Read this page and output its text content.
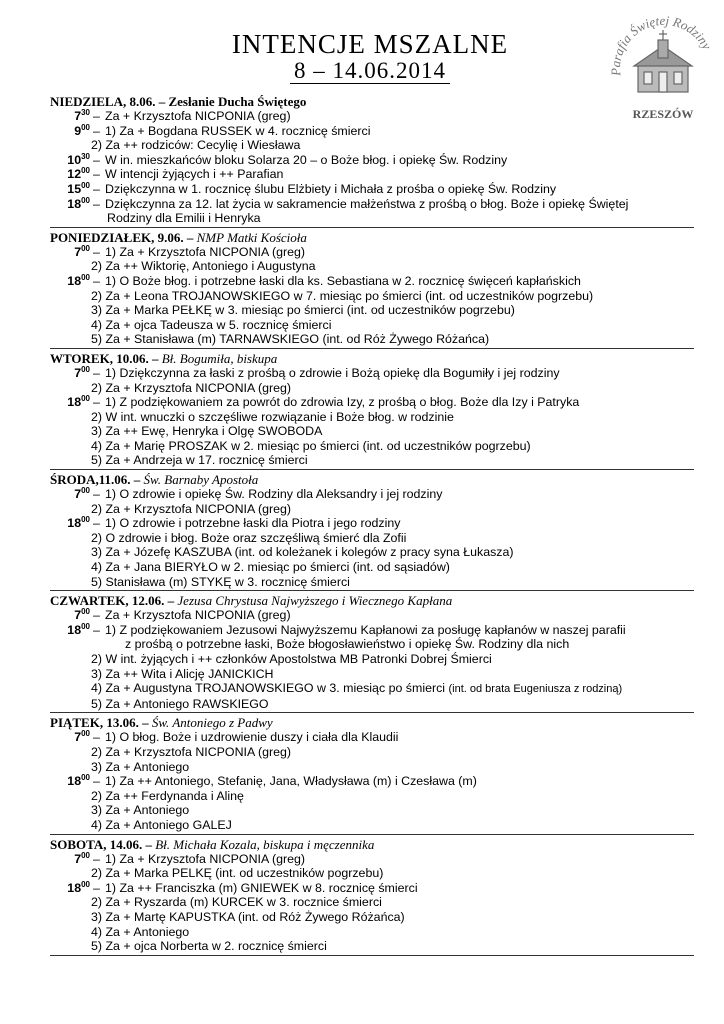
INTENCJE MSZALNE
8 – 14.06.2014	Parafia Świętej Rodziny
RZESZÓW
NIEDZIELA, 8.06. – Zesłanie Ducha Świętego
$7^{30}$ – Za + Krzysztofa NICPONIA (greg)
$9^{00} - 1$) Za + Bogdana RUSSEK w 4. rocznicę śmierci
2) Za ++ rodziców: Cecylię i Wiesława
$10^{30}$ – W in. mieszkańców bloku Solarza 20 – o Boże błog. i opiekę Św. Rodziny
$12^{00}$ – W intencji żyjących i ++ Parafian
$15^{00}$ – Dziękczynna w 1. rocznicę ślubu Elżbiety i Michała z prośba o opiekę Św. Rodziny
$18^{00}$ – Dziękczynna za 12. lat życia w sakramencie małżeństwa z prośbą o błog. Boże i opiekę Świętej
Rodziny dla Emilii i Henryka
PONIEDZIAŁEK, 9.06. – NMP Matki Kościoła
$7^{00} - 1$) Za + Krzysztofa NICPONIA (greg)
2) Za ++ Wiktorię, Antoniego i Augustyna
$18^{00} - 1$) O Boże błog. i potrzebne łaski dla ks. Sebastiana w 2. rocznicę święceń kapłańskich
2) Za + Leona TROJANOWSKIEGO w 7. miesiąc po śmierci (int. od uczestników pogrzebu)
3) Za + Marka PEŁKĘ w 3. miesiąc po śmierci (int. od uczestników pogrzebu)
4) Za + ojca Tadeusza w 5. rocznicę śmierci
5) Za + Stanisława (m) TARNAWSKIEGO (int. od Róż Żywego Różańca)
WTOREK, 10.06. – Bł. Bogumiła, biskupa
$7^{00} - 1$) Dziękczynna za łaski z prośbą o zdrowie i Bożą opiekę dla Bogumiły i jej rodziny
2) Za + Krzysztofa NICPONIA (greg)
$18^{00} - 1$) Z podziękowaniem za powrót do zdrowia Izy, z prośbą o błog. Boże dla Izy i Patryka
2) W int. wnuczki o szczęśliwe rozwiązanie i Boże błog. w rodzinie
3) Za ++ Ewę, Henryka i Olgę SWOBODA
4) Za + Marię PROSZAK w 2. miesiąc po śmierci (int. od uczestników pogrzebu)
5) Za + Andrzeja w 17. rocznicę śmierci
ŚRODA,11.06. – Św. Barnaby Apostoła
$7^{00} - 1$) O zdrowie i opiekę Św. Rodziny dla Aleksandry i jej rodziny
2) Za + Krzysztofa NICPONIA (greg)
$18^{00} - 1$) O zdrowie i potrzebne łaski dla Piotra i jego rodziny
2) O zdrowie i błog. Boże oraz szczęśliwą śmierć dla Zofii
3) Za + Józefę KASZUBA (int. od koleżanek i kolegów z pracy syna Łukasza)
4) Za + Jana BIERYŁO w 2. miesiąc po śmierci (int. od sąsiadów)
5) Stanisława (m) STYKĘ w 3. rocznicę śmierci
CZWARTEK, 12.06. – Jezusa Chrystusa Najwyższego i Wiecznego Kapłana
$7^{00}$ – Za + Krzysztofa NICPONIA (greg)
$18^{00} - 1$) Z podziękowaniem Jezusowi Najwyższemu Kapłanowi za posługę kapłanów w naszej parafii
z prośbą o potrzebne łaski, Boże błogosławieństwo i opiekę Św. Rodziny dla nich
2) W int. żyjących i ++ członków Apostolstwa MB Patronki Dobrej Śmierci
3) Za ++ Wita i Alicję JANICKICH
4) Za + Augustyna TROJANOWSKIEGO w 3. miesiąc po śmierci (int. od brata Eugeniusza z rodziną)
5) Za + Antoniego RAWSKIEGO
PIĄTEK, 13.06. – Św. Antoniego z Padwy
$7^{00} - 1$) O błog. Boże i uzdrowienie duszy i ciała dla Klaudii
2) Za + Krzysztofa NICPONIA (greg)
3) Za + Antoniego
$18^{00} - 1$) Za ++ Antoniego, Stefanię, Jana, Władysława (m) i Czesława (m)
2) Za ++ Ferdynanda i Alinę
3) Za + Antoniego
4) Za + Antoniego GALEJ
SOBOTA, 14.06. – Bł. Michała Kozala, biskupa i męczennika
$7^{00} - 1$) Za + Krzysztofa NICPONIA (greg)
2) Za + Marka PELKĘ (int. od uczestników pogrzebu)
$18^{00} - 1$) Za ++ Franciszka (m) GNIEWEK w 8. rocznicę śmierci
2) Za + Ryszarda (m) KURCEK w 3. rocznice śmierci
3) Za + Martę KAPUSTKA (int. od Róż Żywego Różańca)
4) Za + Antoniego
5) Za + ojca Norberta w 2. rocznicę śmierci
